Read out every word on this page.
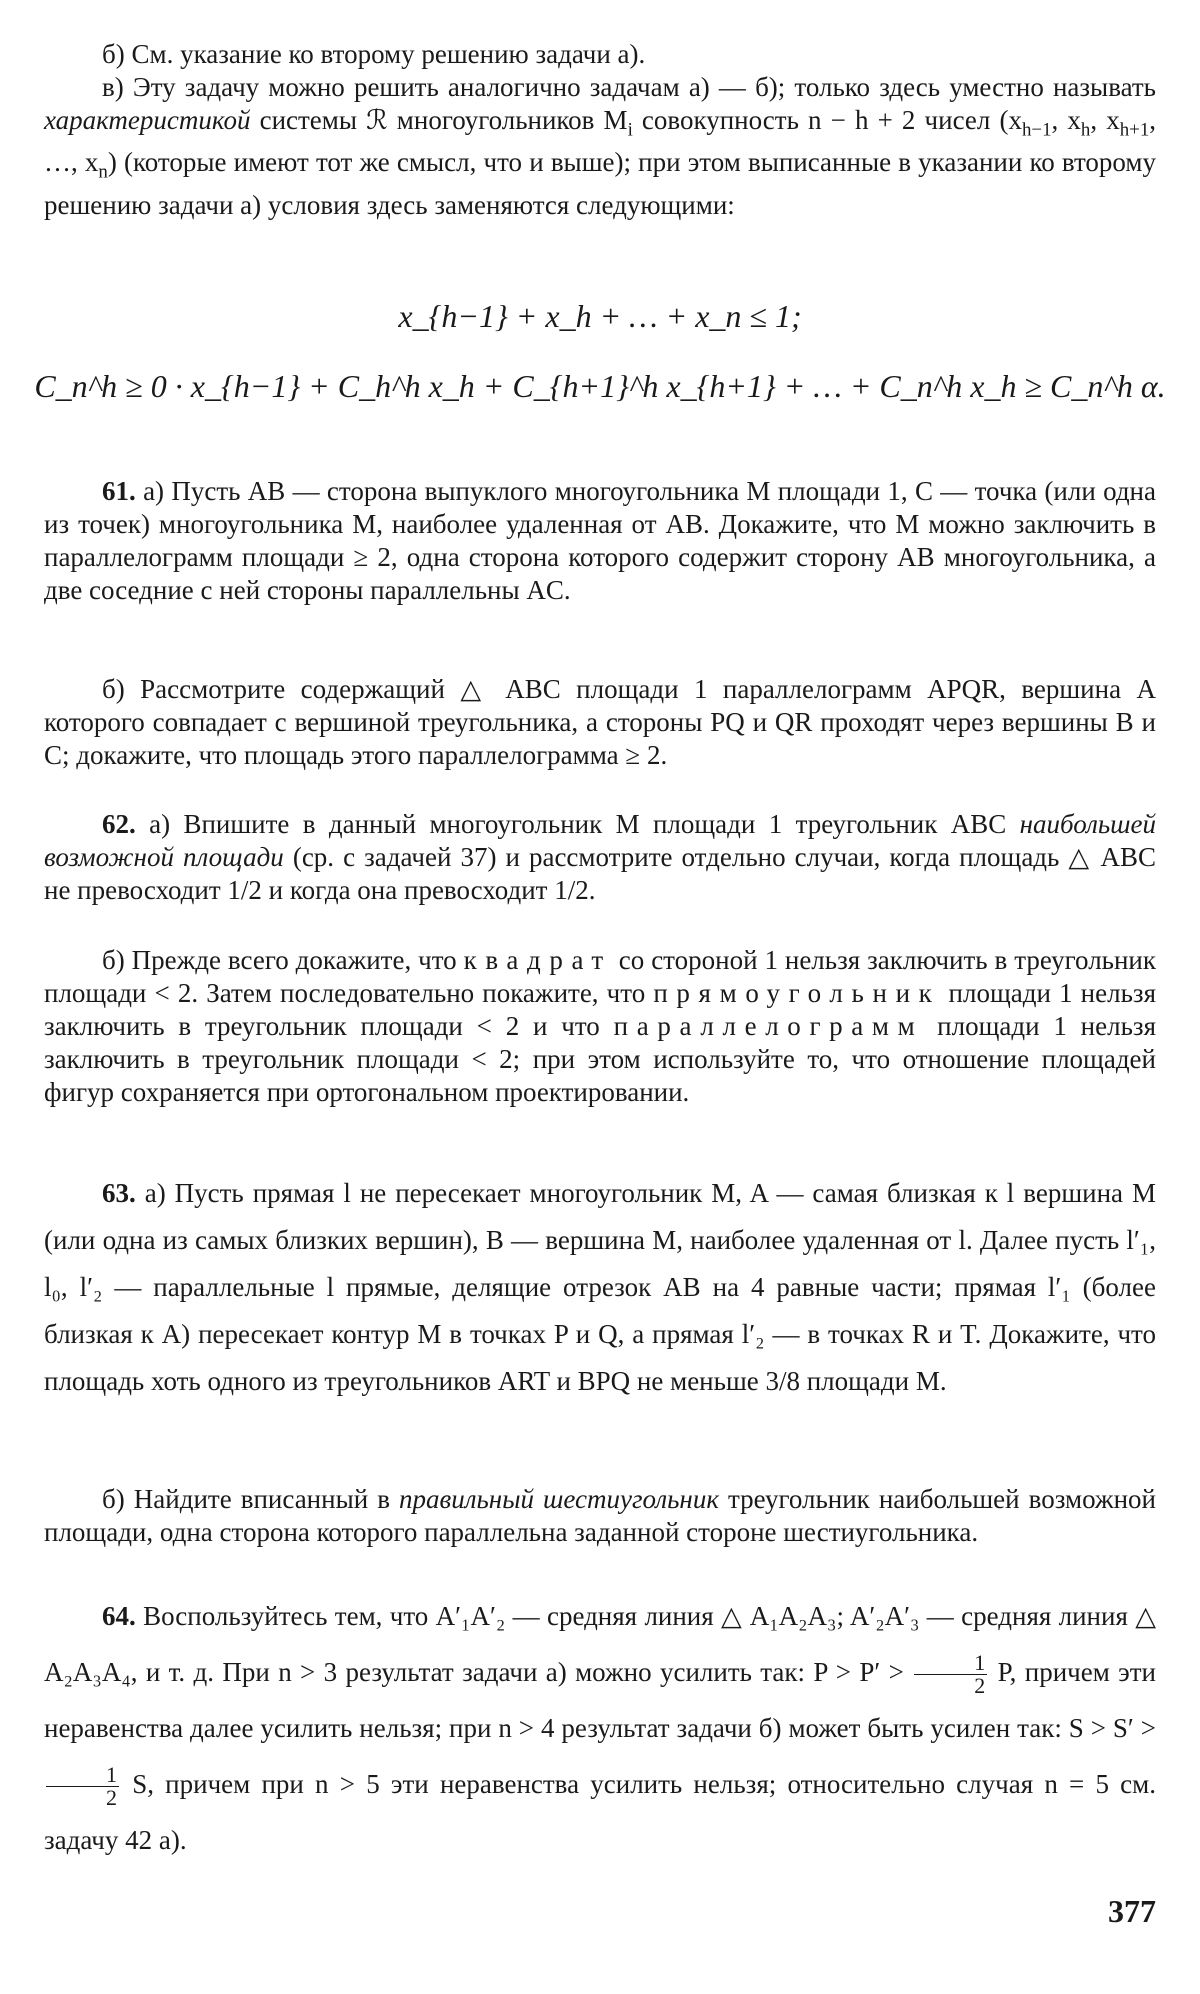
б) См. указание ко второму решению задачи а).

в) Эту задачу можно решить аналогично задачам а) — б); только здесь уместно называть характеристикой системы ℛ многоугольников $M_i$ совокупность n − h + 2 чисел ($x_{h-1}$, $x_h$, $x_{h+1}$, …, $x_n$) (которые имеют тот же смысл, что и выше); при этом выписанные в указании ко второму решению задачи а) условия здесь заменяются следующими:

x_{h−1} + x_h + … + x_n ≤ 1;
C_n^h ≥ 0 · x_{h−1} + C_h^h x_h + C_{h+1}^h x_{h+1} + … + C_n^h x_h ≥ C_n^h α.

61. а) Пусть AB — сторона выпуклого многоугольника M площади 1, C — точка (или одна из точек) многоугольника M, наиболее удаленная от AB. Докажите, что M можно заключить в параллелограмм площади ≥ 2, одна сторона которого содержит сторону AB многоугольника, а две соседние с ней стороны параллельны AC.

б) Рассмотрите содержащий △ ABC площади 1 параллелограмм APQR, вершина A которого совпадает с вершиной треугольника, а стороны PQ и QR проходят через вершины B и C; докажите, что площадь этого параллелограмма ≥ 2.

62. а) Впишите в данный многоугольник M площади 1 треугольник ABC наибольшей возможной площади (ср. с задачей 37) и рассмотрите отдельно случаи, когда площадь △ ABC не превосходит 1/2 и когда она превосходит 1/2.

б) Прежде всего докажите, что квадрат со стороной 1 нельзя заключить в треугольник площади < 2. Затем последовательно покажите, что прямоугольник площади 1 нельзя заключить в треугольник площади < 2 и что параллелограмм площади 1 нельзя заключить в треугольник площади < 2; при этом используйте то, что отношение площадей фигур сохраняется при ортогональном проектировании.

63. а) Пусть прямая l не пересекает многоугольник M, A — самая близкая к l вершина M (или одна из самых близких вершин), B — вершина M, наиболее удаленная от l. Далее пусть l′₁, l₀, l′₂ — параллельные l прямые, делящие отрезок AB на 4 равные части; прямая l′₁ (более близкая к A) пересекает контур M в точках P и Q, а прямая l′₂ — в точках R и T. Докажите, что площадь хоть одного из треугольников ART и BPQ не меньше 3/8 площади M.

б) Найдите вписанный в правильный шестиугольник треугольник наибольшей возможной площади, одна сторона которого параллельна заданной стороне шестиугольника.

64. Воспользуйтесь тем, что A′₁A′₂ — средняя линия △ A₁A₂A₃; A′₂A′₃ — средняя линия △ A₂A₃A₄, и т. д. При n > 3 результат задачи а) можно усилить так: $P > P' > \frac{1}{2} P$, причем эти неравенства далее усилить нельзя; при n > 4 результат задачи б) может быть усилен так: S > S′ >
$\frac{1}{2} S$, причем при n > 5 эти неравенства усилить нельзя; относительно случая n = 5 см. задачу 42 а).

377
